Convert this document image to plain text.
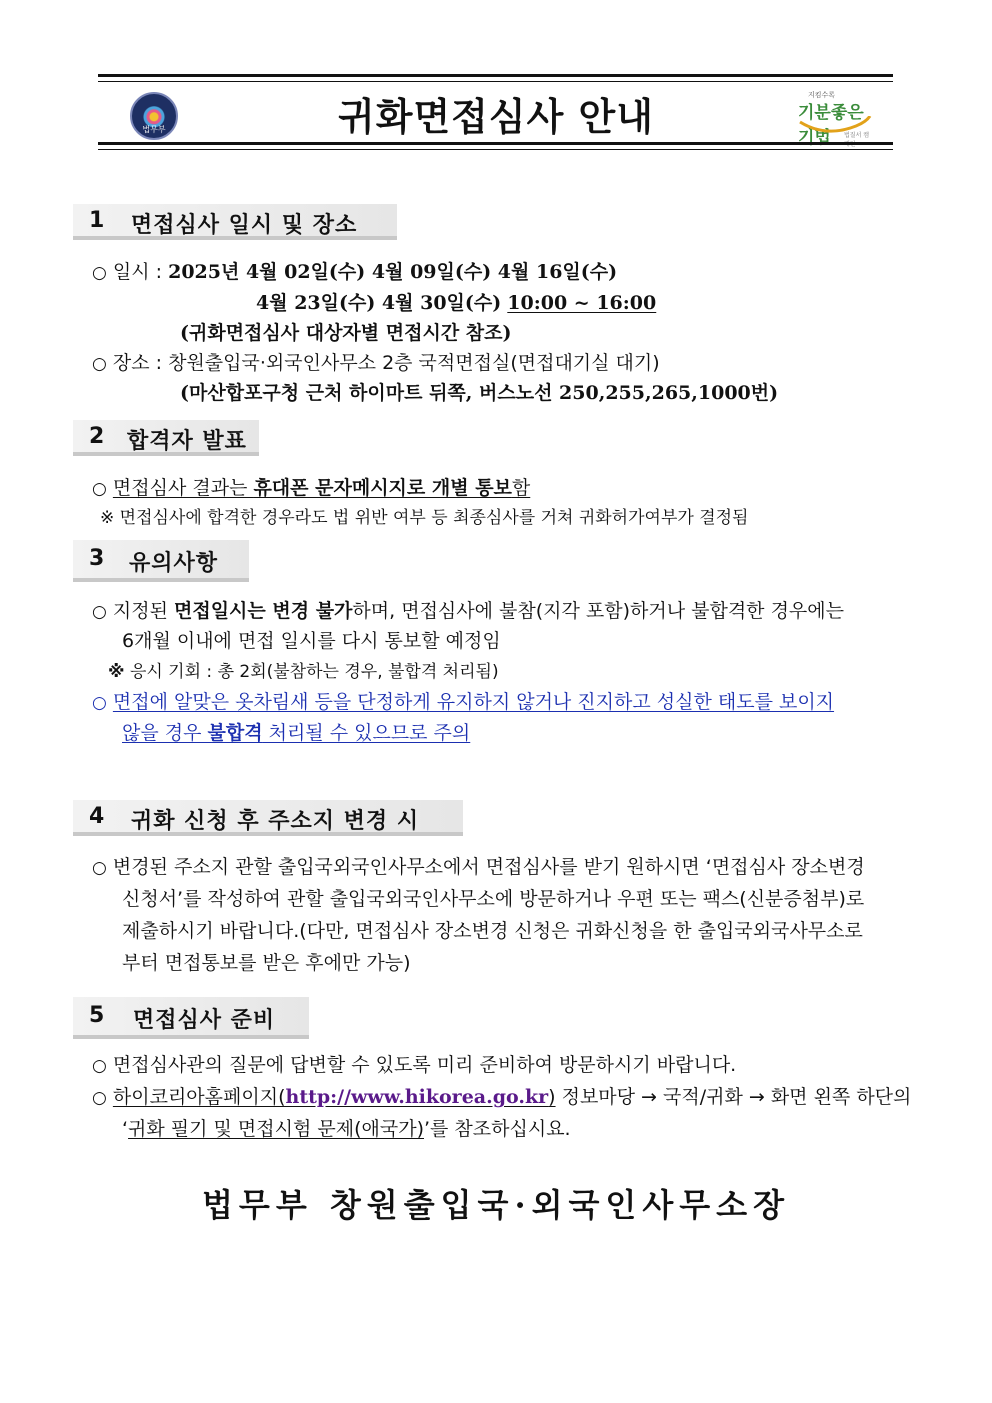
법무부	귀화면접심사 안내	지킴수록
기분좋은 기법	법질서 캠페인
1 면접심사 일시 및 장소
○ 일시 : 2025년 4월 02일(수) 4월 09일(수) 4월 16일(수)
4월 23일(수) 4월 30일(수) 10:00 ~ 16:00
(귀화면접심사 대상자별 면접시간 참조)
○ 장소 : 창원출입국·외국인사무소 2층 국적면접실(면접대기실 대기)
(마산합포구청 근처 하이마트 뒤쪽, 버스노선 250,255,265,1000번)
2 합격자 발표
○ 면접심사 결과는 휴대폰 문자메시지로 개별 통보함
※ 면접심사에 합격한 경우라도 법 위반 여부 등 최종심사를 거쳐 귀화허가여부가 결정됨
3 유의사항
○ 지정된 면접일시는 변경 불가하며, 면접심사에 불참(지각 포함)하거나 불합격한 경우에는
6개월 이내에 면접 일시를 다시 통보할 예정임
※ 응시 기회 : 총 2회(불참하는 경우, 불합격 처리됨)
○ 면접에 알맞은 옷차림새 등을 단정하게 유지하지 않거나 진지하고 성실한 태도를 보이지
않을 경우 불합격 처리될 수 있으므로 주의
4 귀화 신청 후 주소지 변경 시
○ 변경된 주소지 관할 출입국외국인사무소에서 면접심사를 받기 원하시면 ‘면접심사 장소변경
신청서’를 작성하여 관할 출입국외국인사무소에 방문하거나 우편 또는 팩스(신분증첨부)로
제출하시기 바랍니다.(다만, 면접심사 장소변경 신청은 귀화신청을 한 출입국외국사무소로
부터 면접통보를 받은 후에만 가능)
5 면접심사 준비
○ 면접심사관의 질문에 답변할 수 있도록 미리 준비하여 방문하시기 바랍니다.
○ 하이코리아홈페이지(http://www.hikorea.go.kr) 정보마당 → 국적/귀화 → 화면 왼쪽 하단의
‘귀화 필기 및 면접시험 문제(애국가)’를 참조하십시요.
법무부 창원출입국·외국인사무소장
